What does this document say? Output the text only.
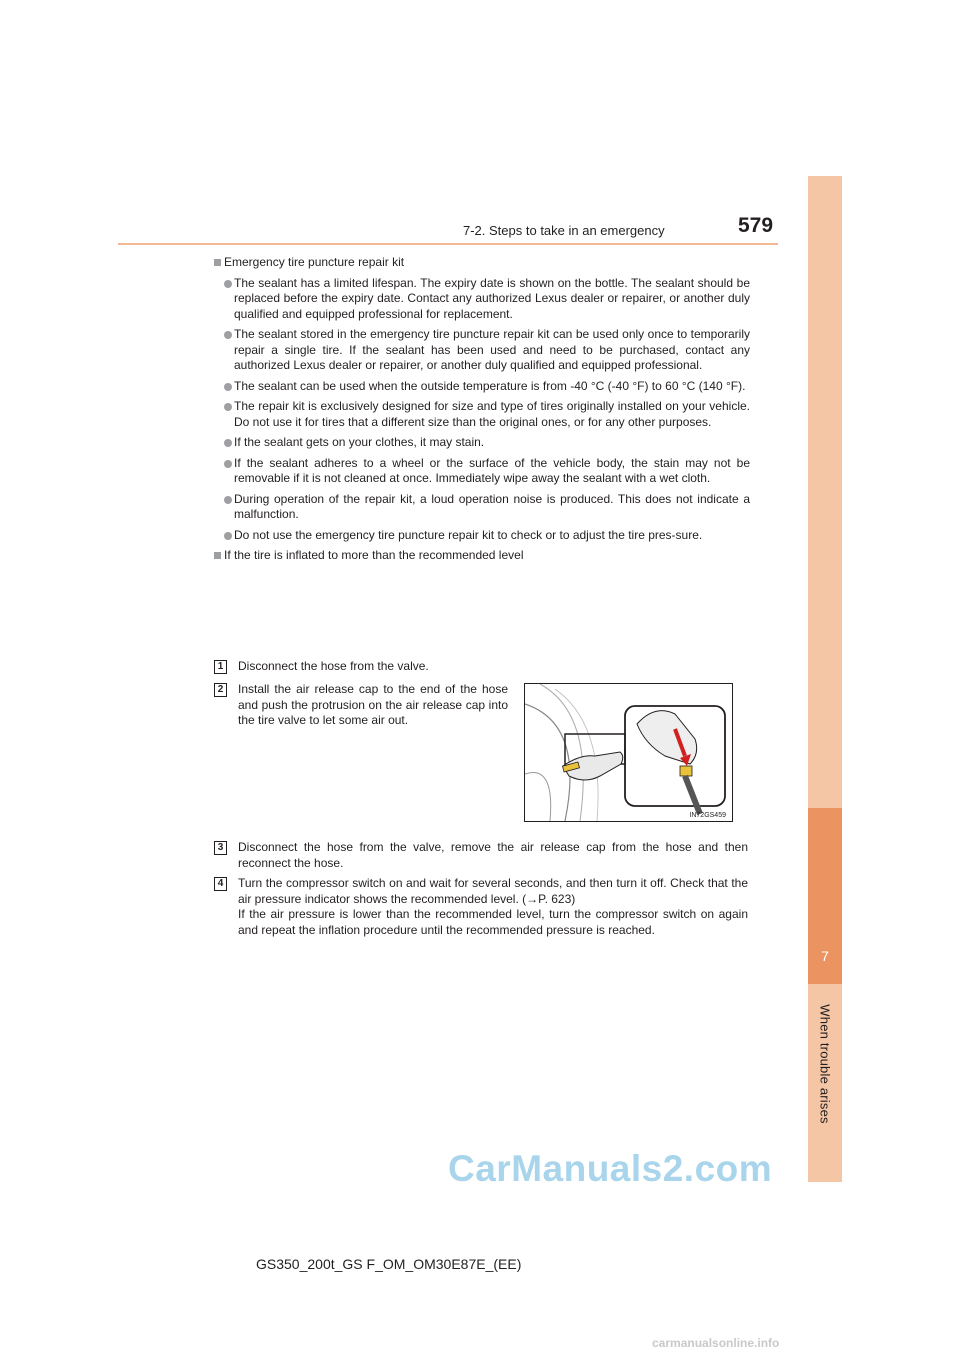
7
When trouble arises
7-2. Steps to take in an emergency	579
Emergency tire puncture repair kit
The sealant has a limited lifespan. The expiry date is shown on the bottle. The sealant should be replaced before the expiry date. Contact any authorized Lexus dealer or repairer, or another duly qualified and equipped professional for replacement.
The sealant stored in the emergency tire puncture repair kit can be used only once to temporarily repair a single tire. If the sealant has been used and need to be purchased, contact any authorized Lexus dealer or repairer, or another duly qualified and equipped professional.
The sealant can be used when the outside temperature is from -40 °C (-40 °F) to 60 °C (140 °F).
The repair kit is exclusively designed for size and type of tires originally installed on your vehicle. Do not use it for tires that a different size than the original ones, or for any other purposes.
If the sealant gets on your clothes, it may stain.
If the sealant adheres to a wheel or the surface of the vehicle body, the stain may not be removable if it is not cleaned at once. Immediately wipe away the sealant with a wet cloth.
During operation of the repair kit, a loud operation noise is produced. This does not indicate a malfunction.
Do not use the emergency tire puncture repair kit to check or to adjust the tire pres-sure.
If the tire is inflated to more than the recommended level
1	Disconnect the hose from the valve.
2	Install the air release cap to the end of the hose and push the protrusion on the air release cap into the tire valve to let some air out.
IN72GS459
3	Disconnect the hose from the valve, remove the air release cap from the hose and then reconnect the hose.
4	Turn the compressor switch on and wait for several seconds, and then turn it off. Check that the air pressure indicator shows the recommended level. (→P. 623)
If the air pressure is lower than the recommended level, turn the compressor switch on again and repeat the inflation procedure until the recommended pressure is reached.
GS350_200t_GS F_OM_OM30E87E_(EE)
CarManuals2.com
carmanualsonline.info
